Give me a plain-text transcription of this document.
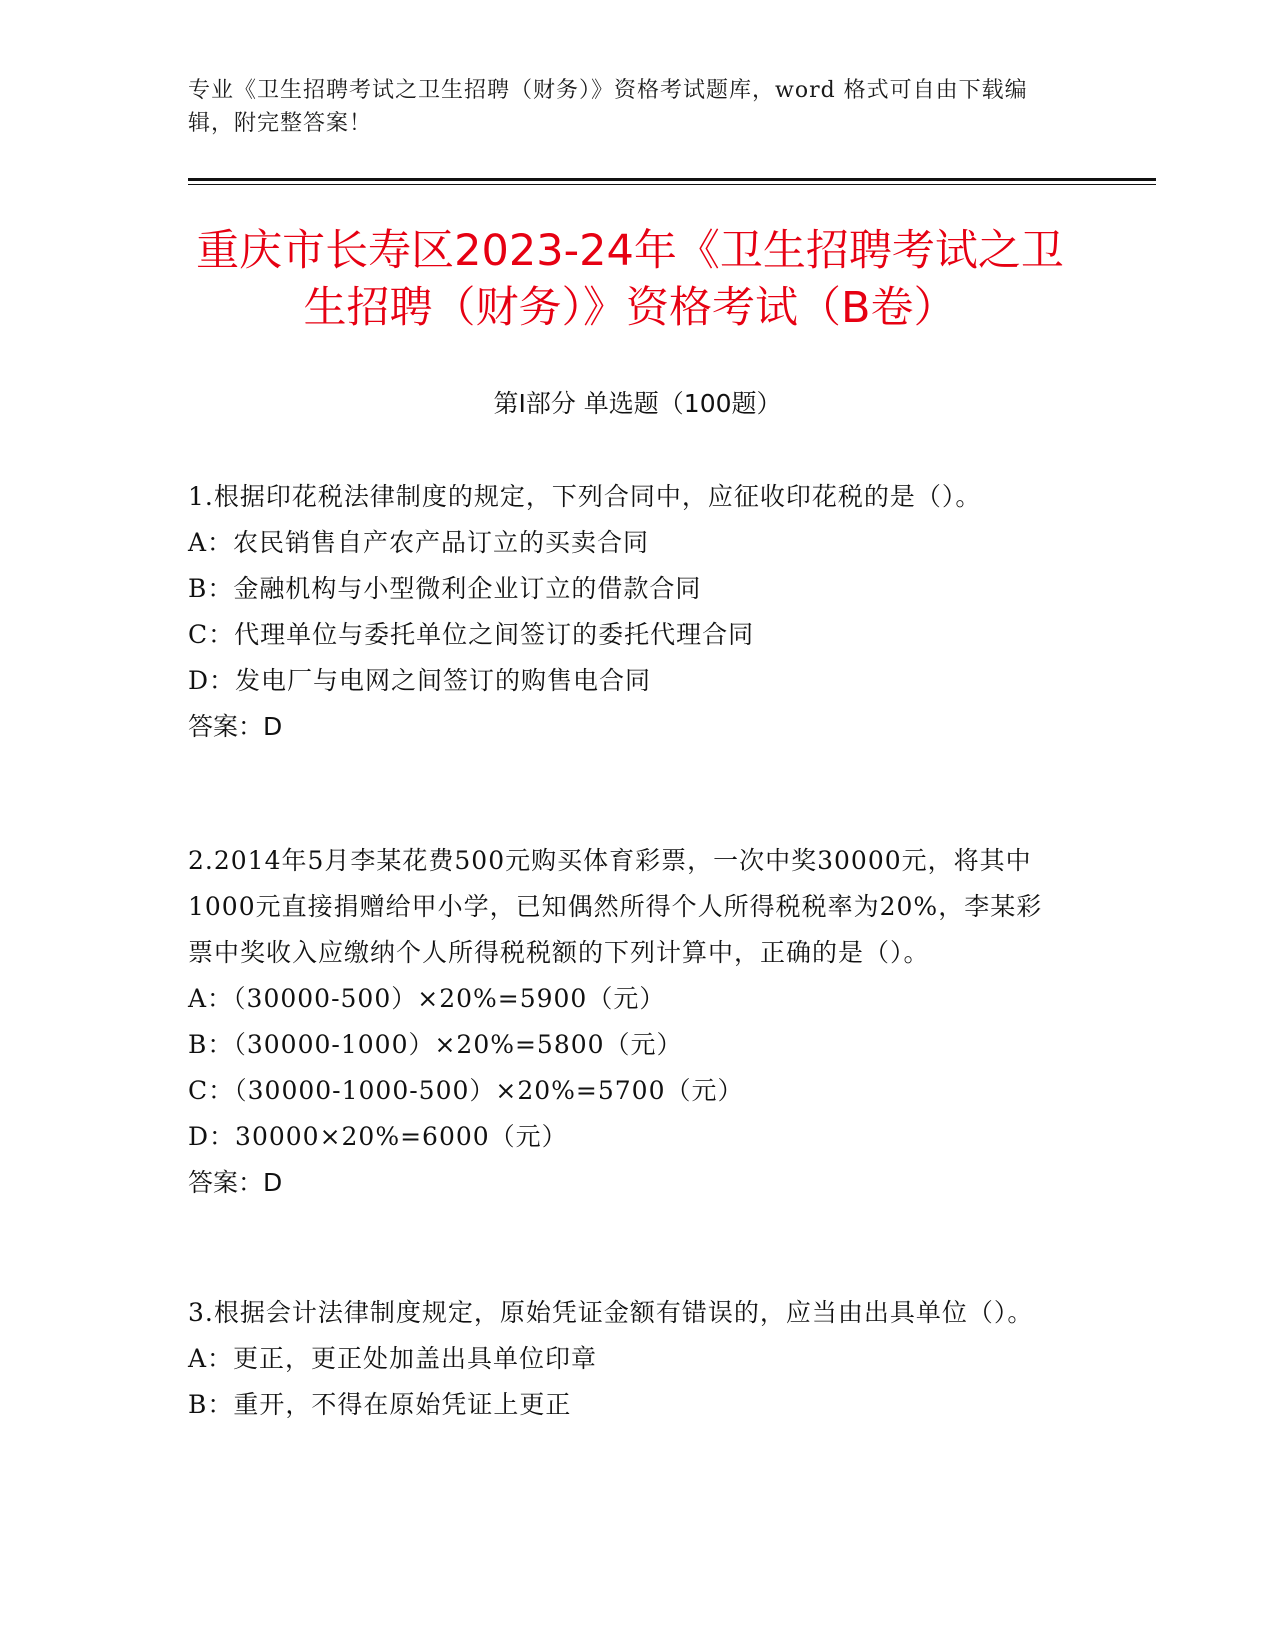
专业《卫生招聘考试之卫生招聘（财务）》资格考试题库，word 格式可自由下载编辑，附完整答案！
重庆市长寿区2023-24年《卫生招聘考试之卫生招聘（财务）》资格考试（B卷）
第Ⅰ部分 单选题（100题）
1.根据印花税法律制度的规定，下列合同中，应征收印花税的是（）。
A：农民销售自产农产品订立的买卖合同
B：金融机构与小型微利企业订立的借款合同
C：代理单位与委托单位之间签订的委托代理合同
D：发电厂与电网之间签订的购售电合同
答案：D
2.2014年5月李某花费500元购买体育彩票，一次中奖30000元，将其中1000元直接捐赠给甲小学，已知偶然所得个人所得税税率为20%，李某彩票中奖收入应缴纳个人所得税税额的下列计算中，正确的是（）。
A：（30000-500）×20%=5900（元）
B：（30000-1000）×20%=5800（元）
C：（30000-1000-500）×20%=5700（元）
D：30000×20%=6000（元）
答案：D
3.根据会计法律制度规定，原始凭证金额有错误的，应当由出具单位（）。
A：更正，更正处加盖出具单位印章
B：重开，不得在原始凭证上更正
